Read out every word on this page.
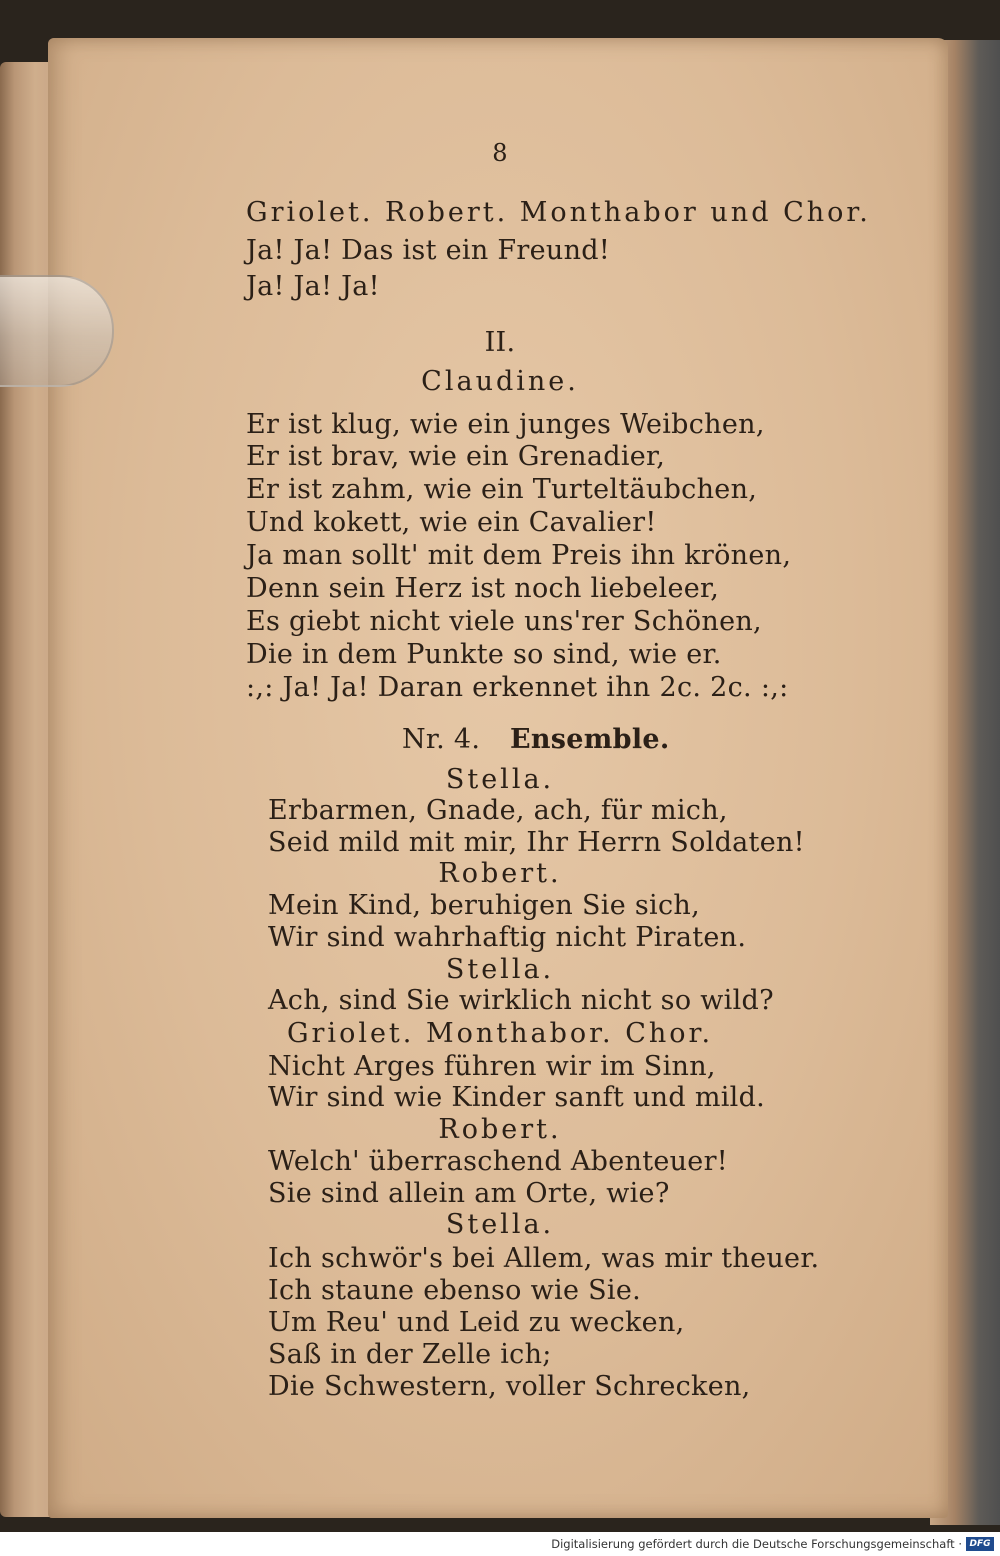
8
Griolet. Robert. Monthabor und Chor.
Ja! Ja! Das ist ein Freund!
Ja! Ja! Ja!
II.
Claudine.
Er ist klug, wie ein junges Weibchen,
Er ist brav, wie ein Grenadier,
Er ist zahm, wie ein Turteltäubchen,
Und kokett, wie ein Cavalier!
Ja man sollt' mit dem Preis ihn krönen,
Denn sein Herz ist noch liebeleer,
Es giebt nicht viele uns'rer Schönen,
Die in dem Punkte so sind, wie er.
:,: Ja! Ja! Daran erkennet ihn 2c. 2c. :,:
Nr. 4. Ensemble.
Stella.
Erbarmen, Gnade, ach, für mich,
Seid mild mit mir, Ihr Herrn Soldaten!
Robert.
Mein Kind, beruhigen Sie sich,
Wir sind wahrhaftig nicht Piraten.
Stella.
Ach, sind Sie wirklich nicht so wild?
Griolet. Monthabor. Chor.
Nicht Arges führen wir im Sinn,
Wir sind wie Kinder sanft und mild.
Robert.
Welch' überraschend Abenteuer!
Sie sind allein am Orte, wie?
Stella.
Ich schwör's bei Allem, was mir theuer.
Ich staune ebenso wie Sie.
Um Reu' und Leid zu wecken,
Saß in der Zelle ich;
Die Schwestern, voller Schrecken,
Digitalisierung gefördert durch die Deutsche Forschungsgemeinschaft · DFG
